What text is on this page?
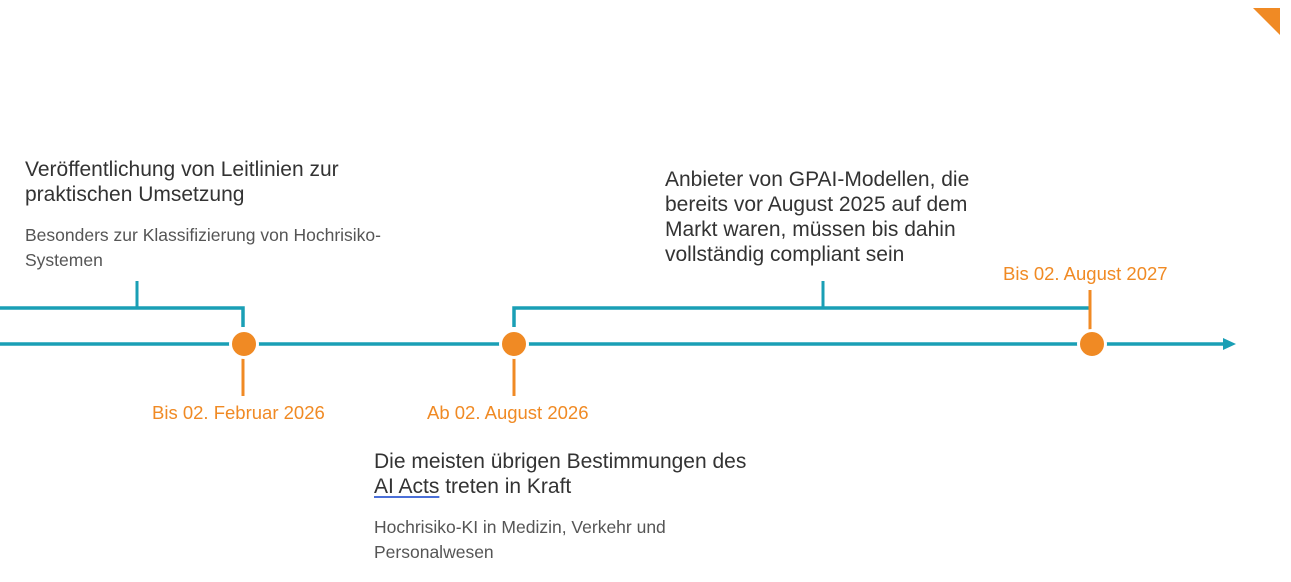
Veröffentlichung von Leitlinien zur praktischen Umsetzung

Besonders zur Klassifizierung von Hochrisiko-Systemen

Bis 02. Februar 2026	Ab 02. August 2026

Die meisten übrigen Bestimmungen des AI Acts treten in Kraft

Hochrisiko-KI in Medizin, Verkehr und Personalwesen

Anbieter von GPAI-Modellen, die bereits vor August 2025 auf dem Markt waren, müssen bis dahin vollständig compliant sein

Bis 02. August 2027
